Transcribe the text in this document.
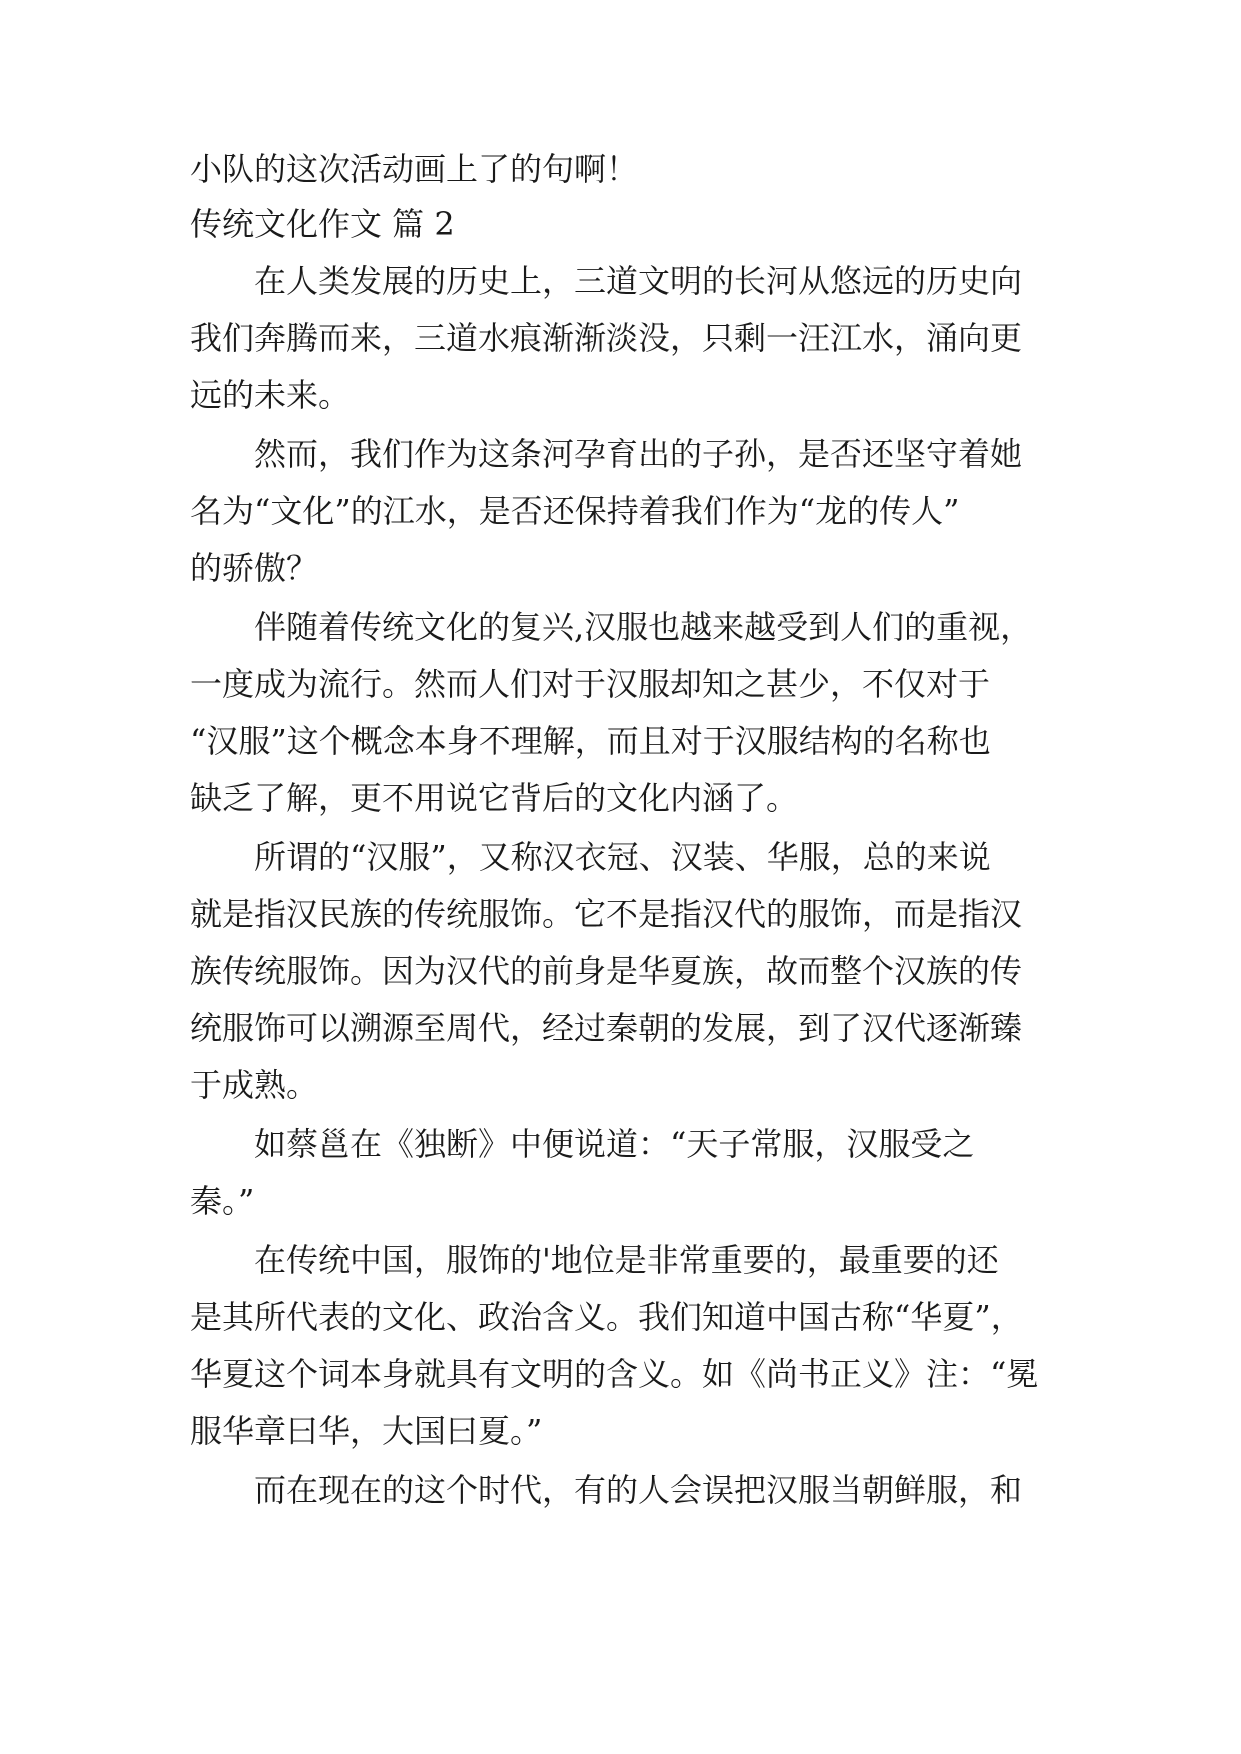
小队的这次活动画上了的句啊！
传统文化作文 篇 2
在人类发展的历史上，三道文明的长河从悠远的历史向
我们奔腾而来，三道水痕渐渐淡没，只剩一汪江水，涌向更
远的未来。
然而，我们作为这条河孕育出的子孙，是否还坚守着她
名为“文化”的江水，是否还保持着我们作为“龙的传人”
的骄傲？
伴随着传统文化的复兴,汉服也越来越受到人们的重视，
一度成为流行。然而人们对于汉服却知之甚少，不仅对于
“汉服”这个概念本身不理解，而且对于汉服结构的名称也
缺乏了解，更不用说它背后的文化内涵了。
所谓的“汉服”，又称汉衣冠、汉装、华服，总的来说
就是指汉民族的传统服饰。它不是指汉代的服饰，而是指汉
族传统服饰。因为汉代的前身是华夏族，故而整个汉族的传
统服饰可以溯源至周代，经过秦朝的发展，到了汉代逐渐臻
于成熟。
如蔡邕在《独断》中便说道：“天子常服，汉服受之
秦。”
在传统中国，服饰的'地位是非常重要的，最重要的还
是其所代表的文化、政治含义。我们知道中国古称“华夏”，
华夏这个词本身就具有文明的含义。如《尚书正义》注：“冕
服华章曰华，大国曰夏。”
而在现在的这个时代，有的人会误把汉服当朝鲜服，和
